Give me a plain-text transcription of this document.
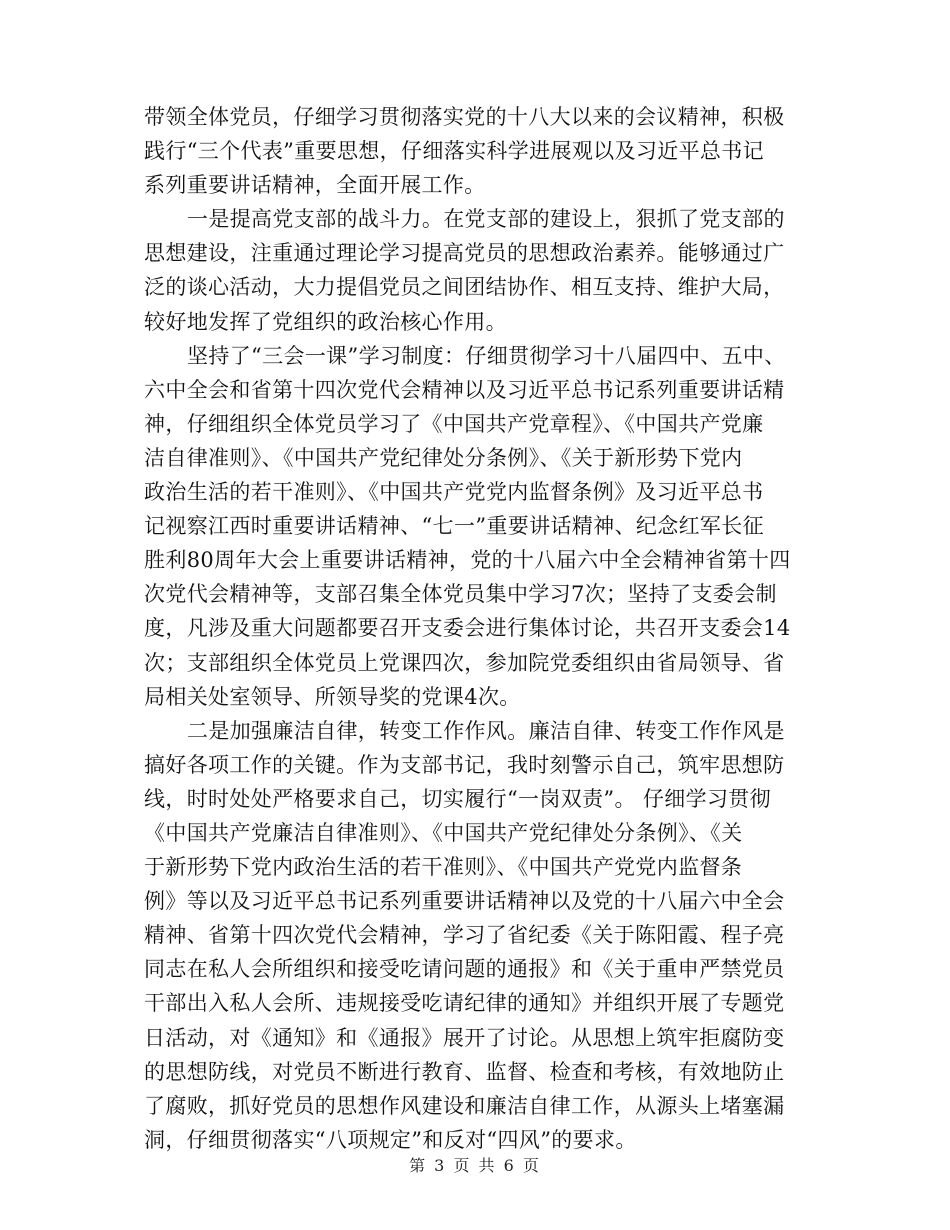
带领全体党员，仔细学习贯彻落实党的十八大以来的会议精神，积极
践行“三个代表”重要思想，仔细落实科学进展观以及习近平总书记
系列重要讲话精神，全面开展工作。
一是提高党支部的战斗力。在党支部的建设上，狠抓了党支部的
思想建设，注重通过理论学习提高党员的思想政治素养。能够通过广
泛的谈心活动，大力提倡党员之间团结协作、相互支持、维护大局，
较好地发挥了党组织的政治核心作用。
坚持了“三会一课”学习制度：仔细贯彻学习十八届四中、五中、
六中全会和省第十四次党代会精神以及习近平总书记系列重要讲话精
神，仔细组织全体党员学习了《中国共产党章程》、《中国共产党廉
洁自律准则》、《中国共产党纪律处分条例》、《关于新形势下党内
政治生活的若干准则》、《中国共产党党内监督条例》及习近平总书
记视察江西时重要讲话精神、“七一”重要讲话精神、纪念红军长征
胜利80周年大会上重要讲话精神，党的十八届六中全会精神省第十四
次党代会精神等，支部召集全体党员集中学习7次；坚持了支委会制
度，凡涉及重大问题都要召开支委会进行集体讨论，共召开支委会14
次；支部组织全体党员上党课四次，参加院党委组织由省局领导、省
局相关处室领导、所领导奖的党课4次。
二是加强廉洁自律，转变工作作风。廉洁自律、转变工作作风是
搞好各项工作的关键。作为支部书记，我时刻警示自己，筑牢思想防
线，时时处处严格要求自己，切实履行“一岗双责”。 仔细学习贯彻
《中国共产党廉洁自律准则》、《中国共产党纪律处分条例》、《关
于新形势下党内政治生活的若干准则》、《中国共产党党内监督条
例》等以及习近平总书记系列重要讲话精神以及党的十八届六中全会
精神、省第十四次党代会精神，学习了省纪委《关于陈阳霞、程子亮
同志在私人会所组织和接受吃请问题的通报》和《关于重申严禁党员
干部出入私人会所、违规接受吃请纪律的通知》并组织开展了专题党
日活动，对《通知》和《通报》展开了讨论。从思想上筑牢拒腐防变
的思想防线，对党员不断进行教育、监督、检查和考核，有效地防止
了腐败，抓好党员的思想作风建设和廉洁自律工作，从源头上堵塞漏
洞，仔细贯彻落实“八项规定”和反对“四风”的要求。
第 3 页 共 6 页
